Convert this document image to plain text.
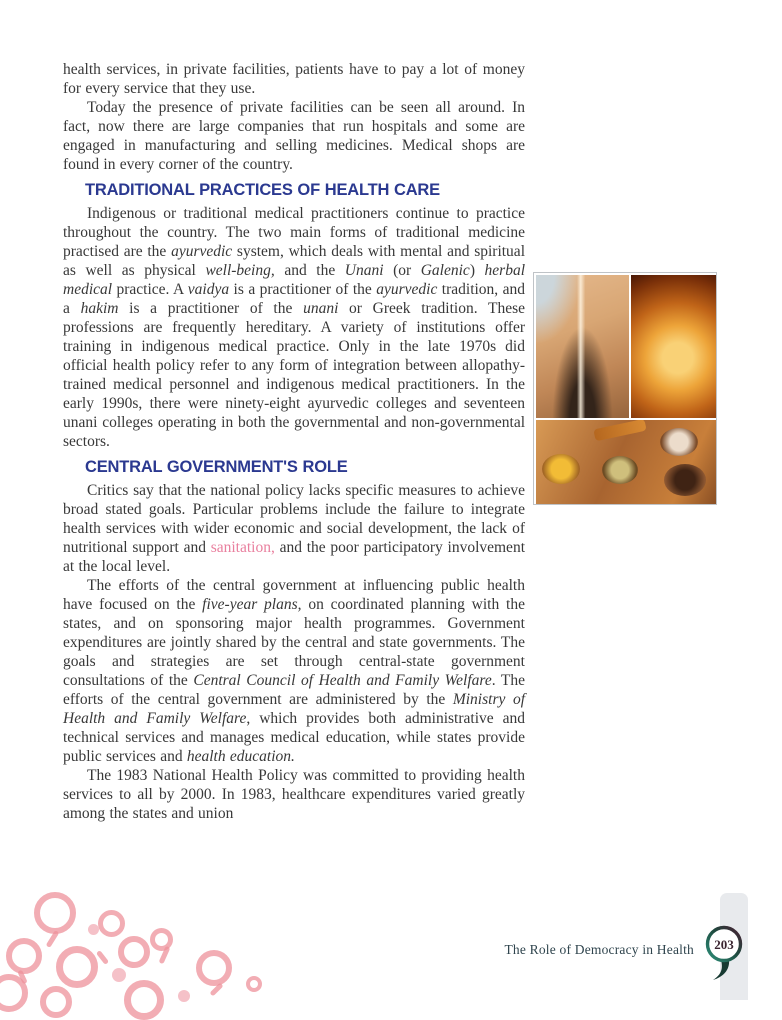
health services, in private facilities, patients have to pay a lot of money for every service that they use.

Today the presence of private facilities can be seen all around. In fact, now there are large companies that run hospitals and some are engaged in manufacturing and selling medicines. Medical shops are found in every corner of the country.

TRADITIONAL PRACTICES OF HEALTH CARE

Indigenous or traditional medical practitioners continue to practice throughout the country. The two main forms of traditional medicine practised are the ayurvedic system, which deals with mental and spiritual as well as physical well-being, and the Unani (or Galenic) herbal medical practice. A vaidya is a practitioner of the ayurvedic tradition, and a hakim is a practitioner of the unani or Greek tradition. These professions are frequently hereditary. A variety of institutions offer training in indigenous medical practice. Only in the late 1970s did official health policy refer to any form of integration between allopathy-trained medical personnel and indigenous medical practitioners. In the early 1990s, there were ninety-eight ayurvedic colleges and seventeen unani colleges operating in both the governmental and non-governmental sectors.

CENTRAL GOVERNMENT'S ROLE

Critics say that the national policy lacks specific measures to achieve broad stated goals. Particular problems include the failure to integrate health services with wider economic and social development, the lack of nutritional support and sanitation, and the poor participatory involvement at the local level.

The efforts of the central government at influencing public health have focused on the five-year plans, on coordinated planning with the states, and on sponsoring major health programmes. Government expenditures are jointly shared by the central and state governments. The goals and strategies are set through central-state government consultations of the Central Council of Health and Family Welfare. The efforts of the central government are administered by the Ministry of Health and Family Welfare, which provides both administrative and technical services and manages medical education, while states provide public services and health education.

The 1983 National Health Policy was committed to providing health services to all by 2000. In 1983, healthcare expenditures varied greatly among the states and union

The Role of Democracy in Health 203
